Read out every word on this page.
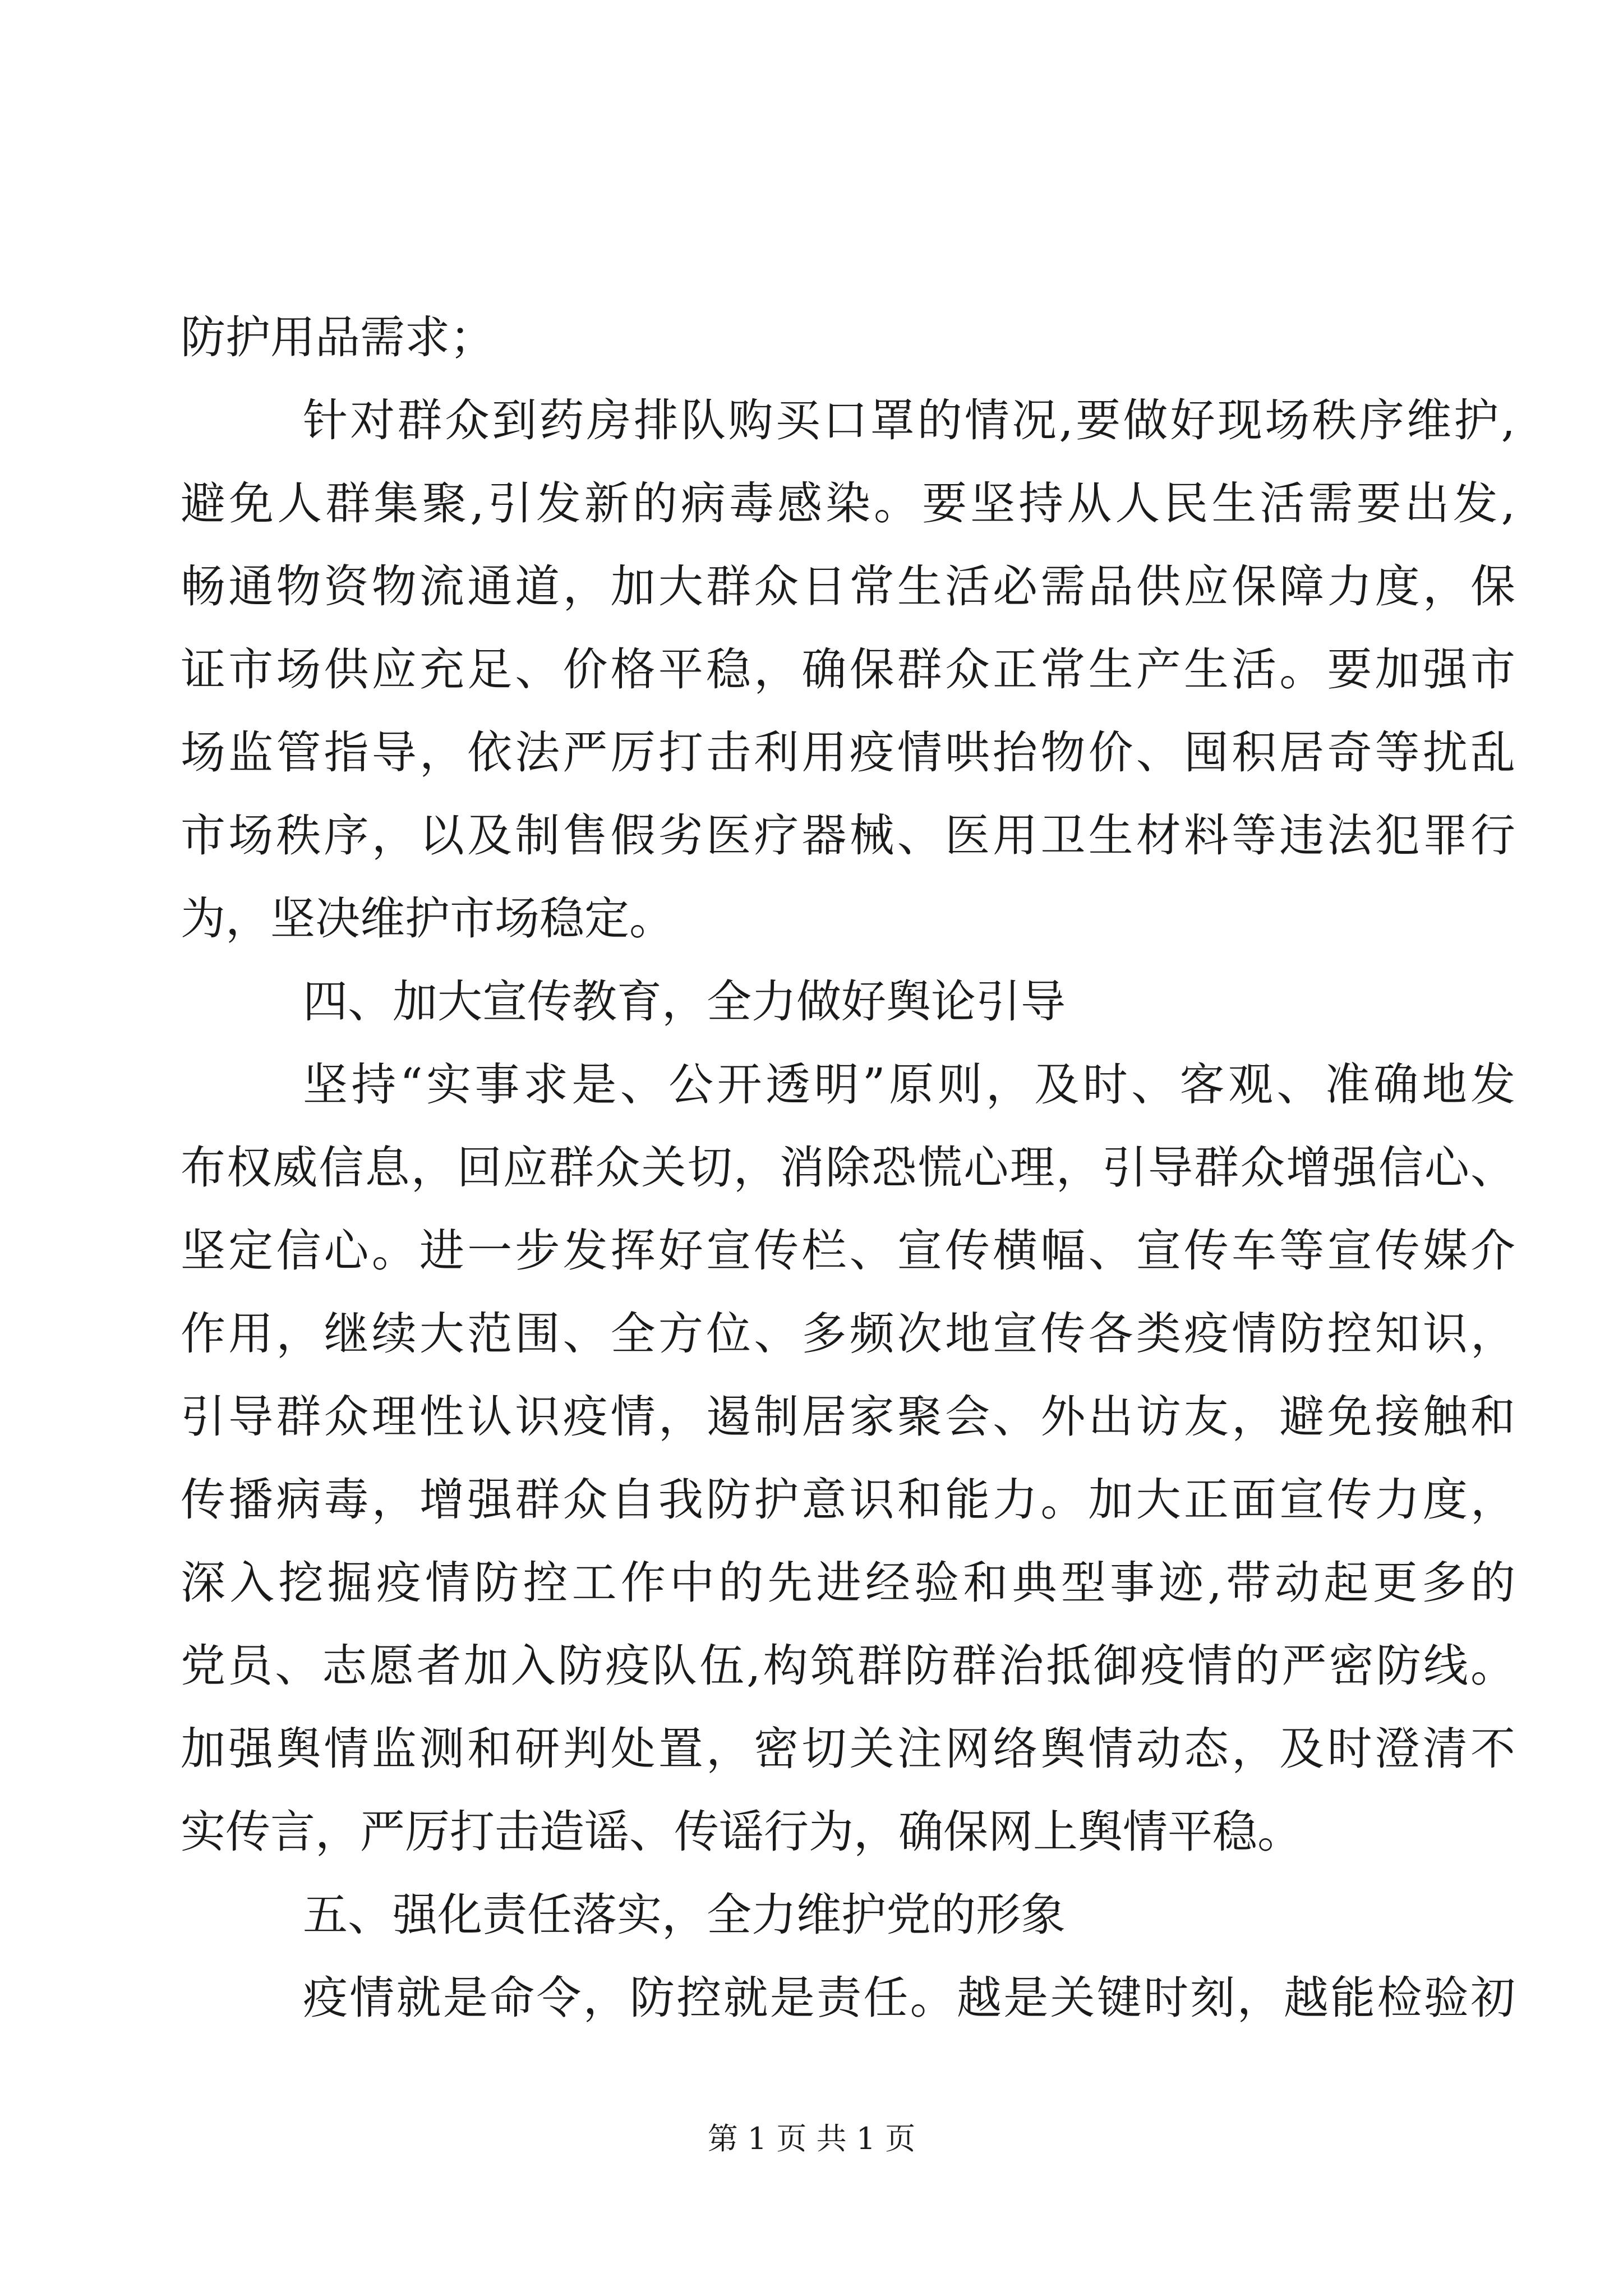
防护用品需求；
针对群众到药房排队购买口罩的情况,要做好现场秩序维护,
避免人群集聚,引发新的病毒感染。要坚持从人民生活需要出发,
畅通物资物流通道，加大群众日常生活必需品供应保障力度，保
证市场供应充足、价格平稳，确保群众正常生产生活。要加强市
场监管指导，依法严厉打击利用疫情哄抬物价、囤积居奇等扰乱
市场秩序，以及制售假劣医疗器械、医用卫生材料等违法犯罪行
为，坚决维护市场稳定。
四、加大宣传教育，全力做好舆论引导
坚持“实事求是、公开透明”原则，及时、客观、准确地发
布权威信息，回应群众关切，消除恐慌心理，引导群众增强信心、
坚定信心。进一步发挥好宣传栏、宣传横幅、宣传车等宣传媒介
作用，继续大范围、全方位、多频次地宣传各类疫情防控知识，
引导群众理性认识疫情，遏制居家聚会、外出访友，避免接触和
传播病毒，增强群众自我防护意识和能力。加大正面宣传力度，
深入挖掘疫情防控工作中的先进经验和典型事迹,带动起更多的
党员、志愿者加入防疫队伍,构筑群防群治抵御疫情的严密防线。
加强舆情监测和研判处置，密切关注网络舆情动态，及时澄清不
实传言，严厉打击造谣、传谣行为，确保网上舆情平稳。
五、强化责任落实，全力维护党的形象
疫情就是命令，防控就是责任。越是关键时刻，越能检验初
第 1 页 共 1 页
